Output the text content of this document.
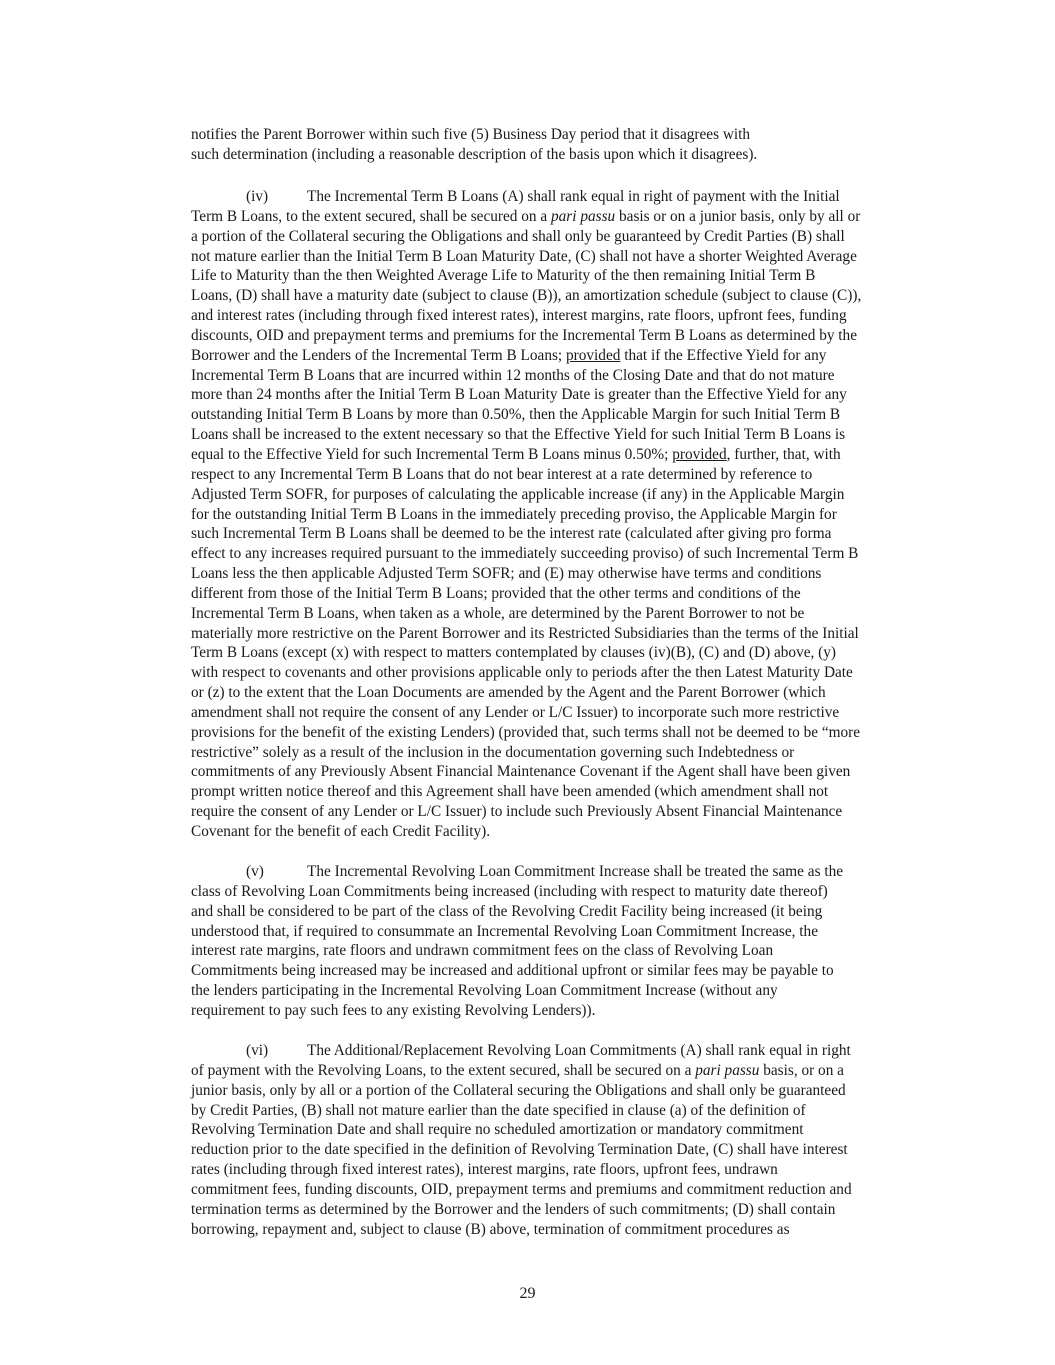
notifies the Parent Borrower within such five (5) Business Day period that it disagrees with
such determination (including a reasonable description of the basis upon which it disagrees).
(iv)	The Incremental Term B Loans (A) shall rank equal in right of payment with the Initial
Term B Loans, to the extent secured, shall be secured on a pari passu basis or on a junior basis, only by all or
a portion of the Collateral securing the Obligations and shall only be guaranteed by Credit Parties (B) shall
not mature earlier than the Initial Term B Loan Maturity Date, (C) shall not have a shorter Weighted Average
Life to Maturity than the then Weighted Average Life to Maturity of the then remaining Initial Term B
Loans, (D) shall have a maturity date (subject to clause (B)), an amortization schedule (subject to clause (C)),
and interest rates (including through fixed interest rates), interest margins, rate floors, upfront fees, funding
discounts, OID and prepayment terms and premiums for the Incremental Term B Loans as determined by the
Borrower and the Lenders of the Incremental Term B Loans; provided that if the Effective Yield for any
Incremental Term B Loans that are incurred within 12 months of the Closing Date and that do not mature
more than 24 months after the Initial Term B Loan Maturity Date is greater than the Effective Yield for any
outstanding Initial Term B Loans by more than 0.50%, then the Applicable Margin for such Initial Term B
Loans shall be increased to the extent necessary so that the Effective Yield for such Initial Term B Loans is
equal to the Effective Yield for such Incremental Term B Loans minus 0.50%; provided, further, that, with
respect to any Incremental Term B Loans that do not bear interest at a rate determined by reference to
Adjusted Term SOFR, for purposes of calculating the applicable increase (if any) in the Applicable Margin
for the outstanding Initial Term B Loans in the immediately preceding proviso, the Applicable Margin for
such Incremental Term B Loans shall be deemed to be the interest rate (calculated after giving pro forma
effect to any increases required pursuant to the immediately succeeding proviso) of such Incremental Term B
Loans less the then applicable Adjusted Term SOFR; and (E) may otherwise have terms and conditions
different from those of the Initial Term B Loans; provided that the other terms and conditions of the
Incremental Term B Loans, when taken as a whole, are determined by the Parent Borrower to not be
materially more restrictive on the Parent Borrower and its Restricted Subsidiaries than the terms of the Initial
Term B Loans (except (x) with respect to matters contemplated by clauses (iv)(B), (C) and (D) above, (y)
with respect to covenants and other provisions applicable only to periods after the then Latest Maturity Date
or (z) to the extent that the Loan Documents are amended by the Agent and the Parent Borrower (which
amendment shall not require the consent of any Lender or L/C Issuer) to incorporate such more restrictive
provisions for the benefit of the existing Lenders) (provided that, such terms shall not be deemed to be “more
restrictive” solely as a result of the inclusion in the documentation governing such Indebtedness or
commitments of any Previously Absent Financial Maintenance Covenant if the Agent shall have been given
prompt written notice thereof and this Agreement shall have been amended (which amendment shall not
require the consent of any Lender or L/C Issuer) to include such Previously Absent Financial Maintenance
Covenant for the benefit of each Credit Facility).
(v)	The Incremental Revolving Loan Commitment Increase shall be treated the same as the
class of Revolving Loan Commitments being increased (including with respect to maturity date thereof)
and shall be considered to be part of the class of the Revolving Credit Facility being increased (it being
understood that, if required to consummate an Incremental Revolving Loan Commitment Increase, the
interest rate margins, rate floors and undrawn commitment fees on the class of Revolving Loan
Commitments being increased may be increased and additional upfront or similar fees may be payable to
the lenders participating in the Incremental Revolving Loan Commitment Increase (without any
requirement to pay such fees to any existing Revolving Lenders)).
(vi)	The Additional/Replacement Revolving Loan Commitments (A) shall rank equal in right
of payment with the Revolving Loans, to the extent secured, shall be secured on a pari passu basis, or on a
junior basis, only by all or a portion of the Collateral securing the Obligations and shall only be guaranteed
by Credit Parties, (B) shall not mature earlier than the date specified in clause (a) of the definition of
Revolving Termination Date and shall require no scheduled amortization or mandatory commitment
reduction prior to the date specified in the definition of Revolving Termination Date, (C) shall have interest
rates (including through fixed interest rates), interest margins, rate floors, upfront fees, undrawn
commitment fees, funding discounts, OID, prepayment terms and premiums and commitment reduction and
termination terms as determined by the Borrower and the lenders of such commitments; (D) shall contain
borrowing, repayment and, subject to clause (B) above, termination of commitment procedures as
29
